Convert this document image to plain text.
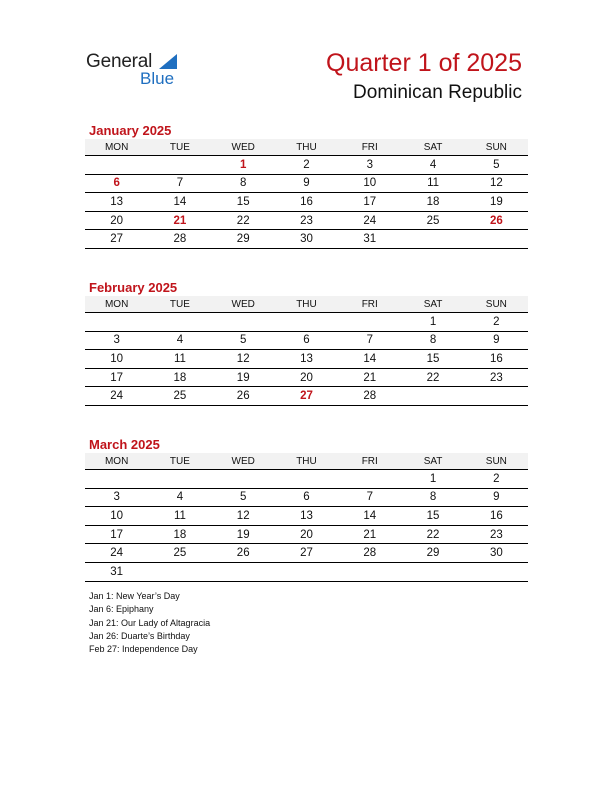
General
Blue
Quarter 1 of 2025
Dominican Republic
January 2025
MON	TUE	WED	THU	FRI	SAT	SUN
		1	2	3	4	5
6	7	8	9	10	11	12
13	14	15	16	17	18	19
20	21	22	23	24	25	26
27	28	29	30	31		
February 2025
MON	TUE	WED	THU	FRI	SAT	SUN
					1	2
3	4	5	6	7	8	9
10	11	12	13	14	15	16
17	18	19	20	21	22	23
24	25	26	27	28		
March 2025
MON	TUE	WED	THU	FRI	SAT	SUN
					1	2
3	4	5	6	7	8	9
10	11	12	13	14	15	16
17	18	19	20	21	22	23
24	25	26	27	28	29	30
31						
Jan 1: New Year’s Day
Jan 6: Epiphany
Jan 21: Our Lady of Altagracia
Jan 26: Duarte’s Birthday
Feb 27: Independence Day
